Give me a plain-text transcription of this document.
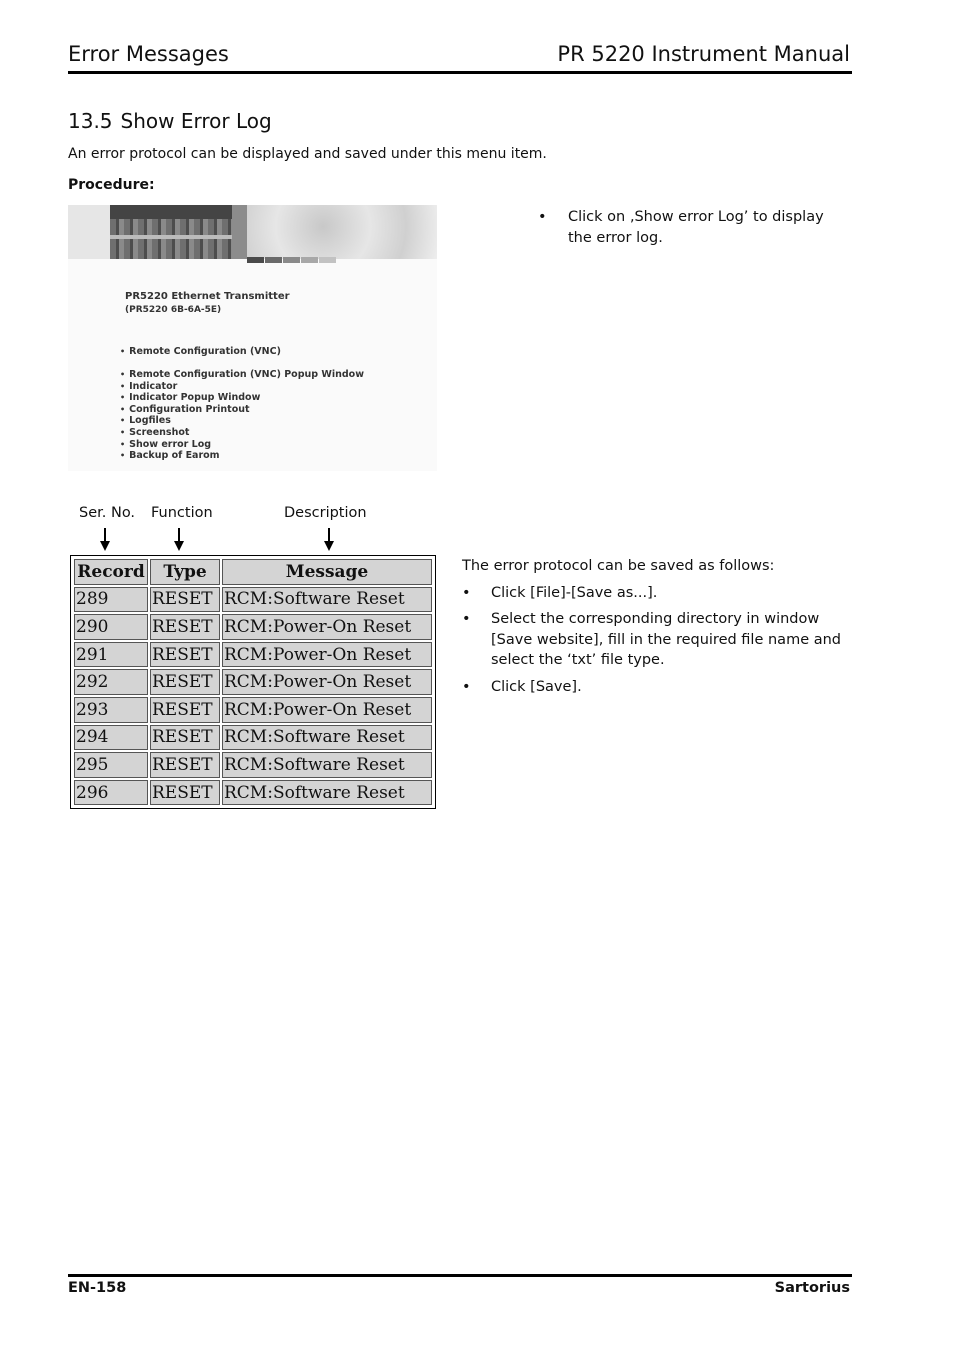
Error Messages	PR 5220 Instrument Manual
13.5 Show Error Log
An error protocol can be displayed and saved under this menu item.
Procedure:
PR5220 Ethernet Transmitter
(PR5220 6B-6A-5E)
• Remote Configuration (VNC)
• Remote Configuration (VNC) Popup Window
• Indicator
• Indicator Popup Window
• Configuration Printout
• Logfiles
• Screenshot
• Show error Log
• Backup of Earom
• Click on ‚Show error Log’ to display the error log.
Ser. No. Function	Description
Record	Type	Message
289	RESET	RCM:Software Reset
290	RESET	RCM:Power-On Reset
291	RESET	RCM:Power-On Reset
292	RESET	RCM:Power-On Reset
293	RESET	RCM:Power-On Reset
294	RESET	RCM:Software Reset
295	RESET	RCM:Software Reset
296	RESET	RCM:Software Reset
The error protocol can be saved as follows:
• Click [File]-[Save as...].
• Select the corresponding directory in window [Save website], fill in the required file name and select the ‘txt’ file type.
• Click [Save].
EN-158	Sartorius
